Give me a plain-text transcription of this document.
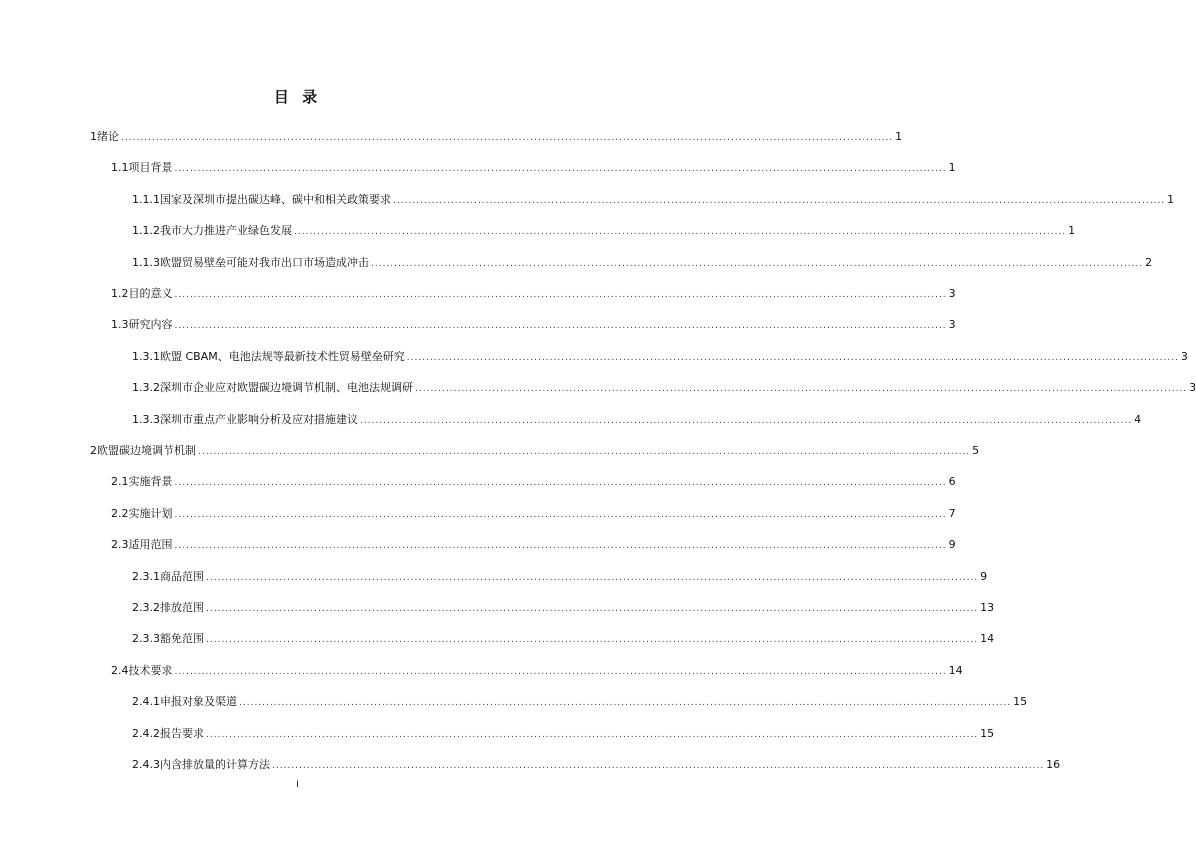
目 录
1 绪论 ........................................................................................................................................................................................................ 1
1.1 项目背景 ........................................................................................................................................................................................................ 1
1.1.1 国家及深圳市提出碳达峰、碳中和相关政策要求 ........................................................................................................................................................................................................ 1
1.1.2 我市大力推进产业绿色发展 ........................................................................................................................................................................................................ 1
1.1.3 欧盟贸易壁垒可能对我市出口市场造成冲击 ........................................................................................................................................................................................................ 2
1.2 目的意义 ........................................................................................................................................................................................................ 3
1.3 研究内容 ........................................................................................................................................................................................................ 3
1.3.1 欧盟 CBAM、电池法规等最新技术性贸易壁垒研究 ........................................................................................................................................................................................................ 3
1.3.2 深圳市企业应对欧盟碳边境调节机制、电池法规调研 ........................................................................................................................................................................................................ 3
1.3.3 深圳市重点产业影响分析及应对措施建议 ........................................................................................................................................................................................................ 4
2 欧盟碳边境调节机制 ........................................................................................................................................................................................................ 5
2.1 实施背景 ........................................................................................................................................................................................................ 6
2.2 实施计划 ........................................................................................................................................................................................................ 7
2.3 适用范围 ........................................................................................................................................................................................................ 9
2.3.1 商品范围 ........................................................................................................................................................................................................ 9
2.3.2 排放范围 ........................................................................................................................................................................................................ 13
2.3.3 豁免范围 ........................................................................................................................................................................................................ 14
2.4 技术要求 ........................................................................................................................................................................................................ 14
2.4.1 申报对象及渠道 ........................................................................................................................................................................................................ 15
2.4.2 报告要求 ........................................................................................................................................................................................................ 15
2.4.3 内含排放量的计算方法 ........................................................................................................................................................................................................ 16
I
